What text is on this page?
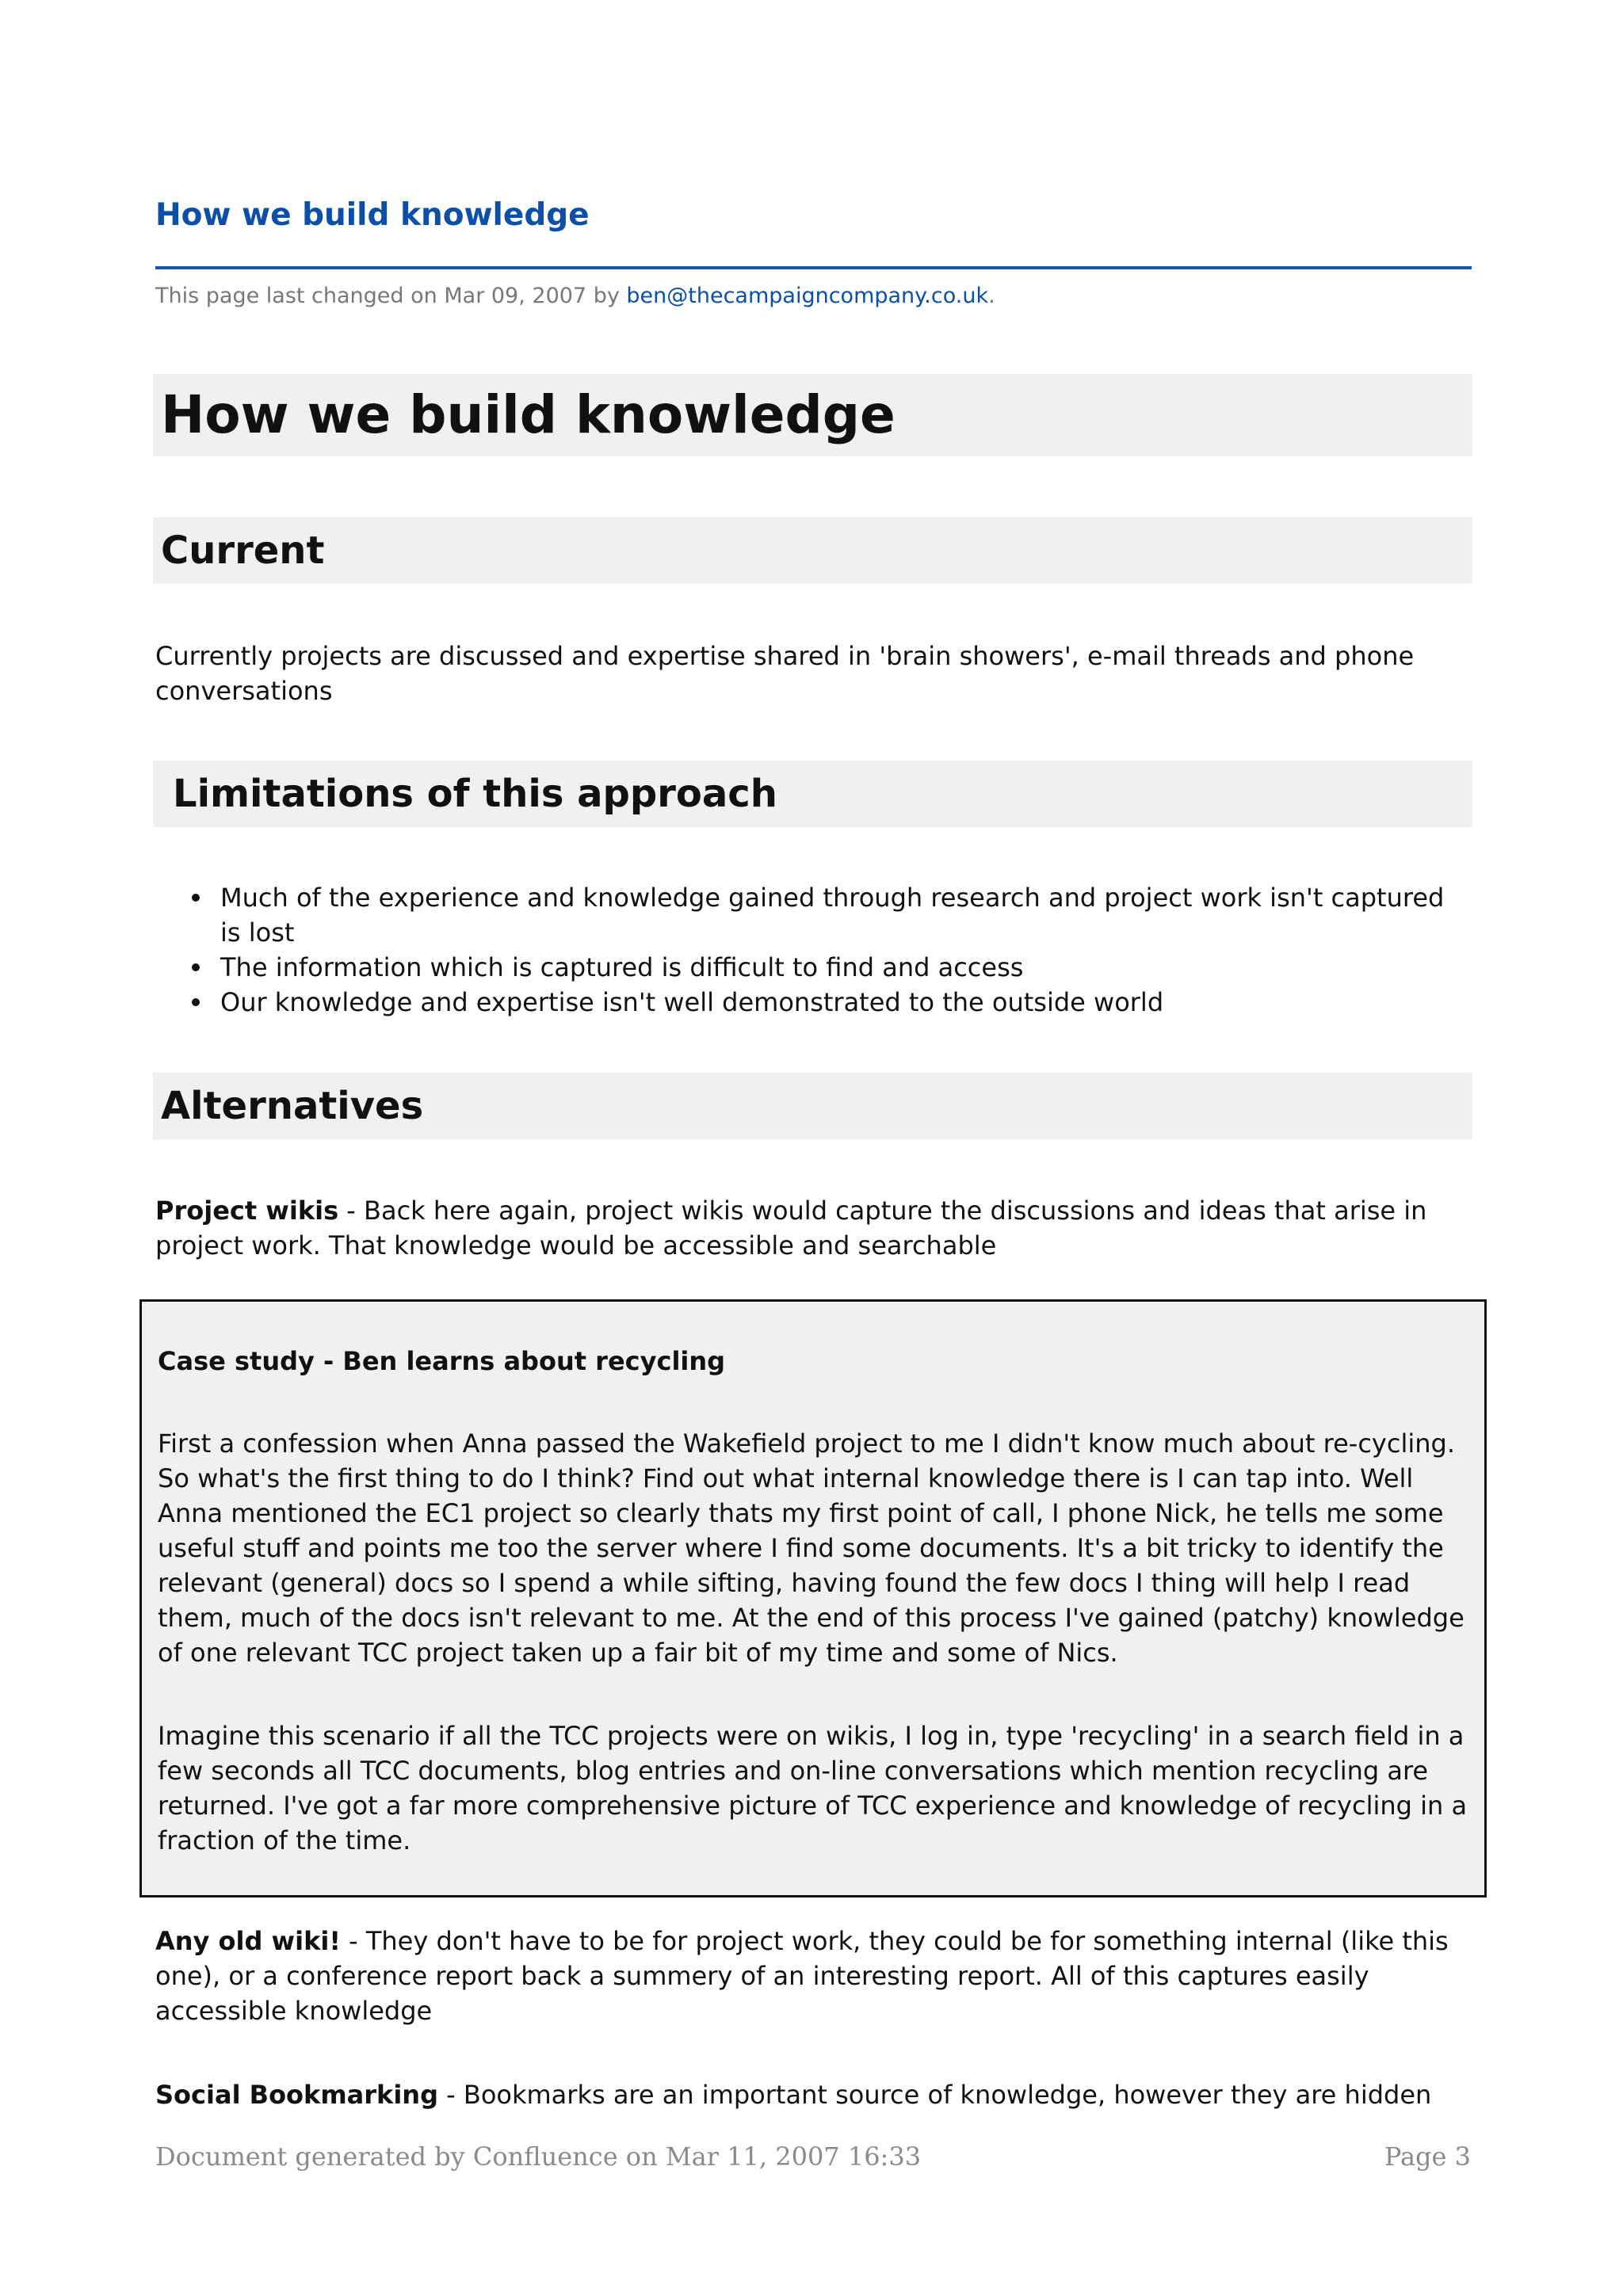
How we build knowledge
This page last changed on Mar 09, 2007 by ben@thecampaigncompany.co.uk.
How we build knowledge
Current

Currently projects are discussed and expertise shared in 'brain showers', e-mail threads and phone conversations

Limitations of this approach
Much of the experience and knowledge gained through research and project work isn't captured is lost
The information which is captured is difficult to find and access
Our knowledge and expertise isn't well demonstrated to the outside world
Alternatives

Project wikis - Back here again, project wikis would capture the discussions and ideas that arise in project work. That knowledge would be accessible and searchable

Case study - Ben learns about recycling

First a confession when Anna passed the Wakefield project to me I didn't know much about re-cycling. So what's the first thing to do I think? Find out what internal knowledge there is I can tap into. Well Anna mentioned the EC1 project so clearly thats my first point of call, I phone Nick, he tells me some useful stuff and points me too the server where I find some documents. It's a bit tricky to identify the relevant (general) docs so I spend a while sifting, having found the few docs I thing will help I read them, much of the docs isn't relevant to me. At the end of this process I've gained (patchy) knowledge of one relevant TCC project taken up a fair bit of my time and some of Nics.

Imagine this scenario if all the TCC projects were on wikis, I log in, type 'recycling' in a search field in a few seconds all TCC documents, blog entries and on-line conversations which mention recycling are returned. I've got a far more comprehensive picture of TCC experience and knowledge of recycling in a fraction of the time.

Any old wiki! - They don't have to be for project work, they could be for something internal (like this one), or a conference report back a summery of an interesting report. All of this captures easily accessible knowledge

Social Bookmarking - Bookmarks are an important source of knowledge, however they are hidden

Document generated by Confluence on Mar 11, 2007 16:33	Page 3
